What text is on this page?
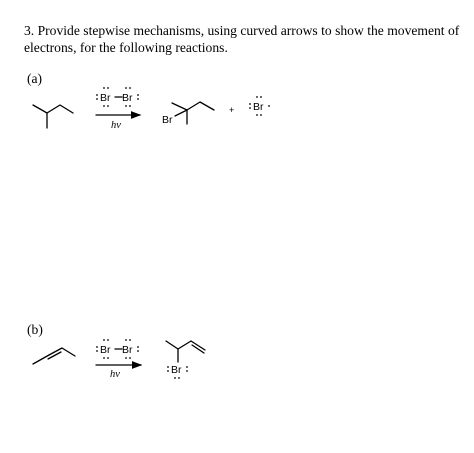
3. Provide stepwise mechanisms, using curved arrows to show the movement of electrons, for the following reactions.
(a)
(b)
Br Br
hν	Br
+ Br
Br Br
hν	Br
